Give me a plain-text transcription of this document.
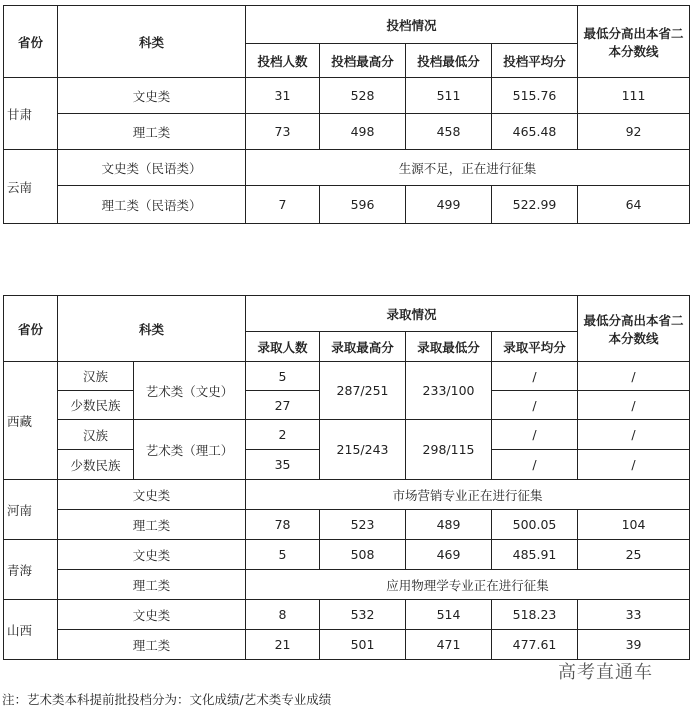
省份	科类	投档情况				最低分高出本省二本分数线
		投档人数	投档最高分	投档最低分	投档平均分	
甘肃	文史类	31	528	511	515.76	111
	理工类	73	498	458	465.48	92
云南	文史类（民语类）	生源不足，正在进行征集				
	理工类（民语类）	7	596	499	522.99	64
省份	科类		录取情况				最低分高出本省二本分数线
			录取人数	录取最高分	录取最低分	录取平均分	
西藏	汉族	艺术类（文史）	5	287/251	233/100	/	/
	少数民族		27			/	/
	汉族	艺术类（理工）	2	215/243	298/115	/	/
	少数民族		35			/	/
河南	文史类		市场营销专业正在进行征集				
	理工类		78	523	489	500.05	104
青海	文史类		5	508	469	485.91	25
	理工类		应用物理学专业正在进行征集				
山西	文史类		8	532	514	518.23	33
	理工类		21	501	471	477.61	39
高考直通车
注：艺术类本科提前批投档分为：文化成绩/艺术类专业成绩
